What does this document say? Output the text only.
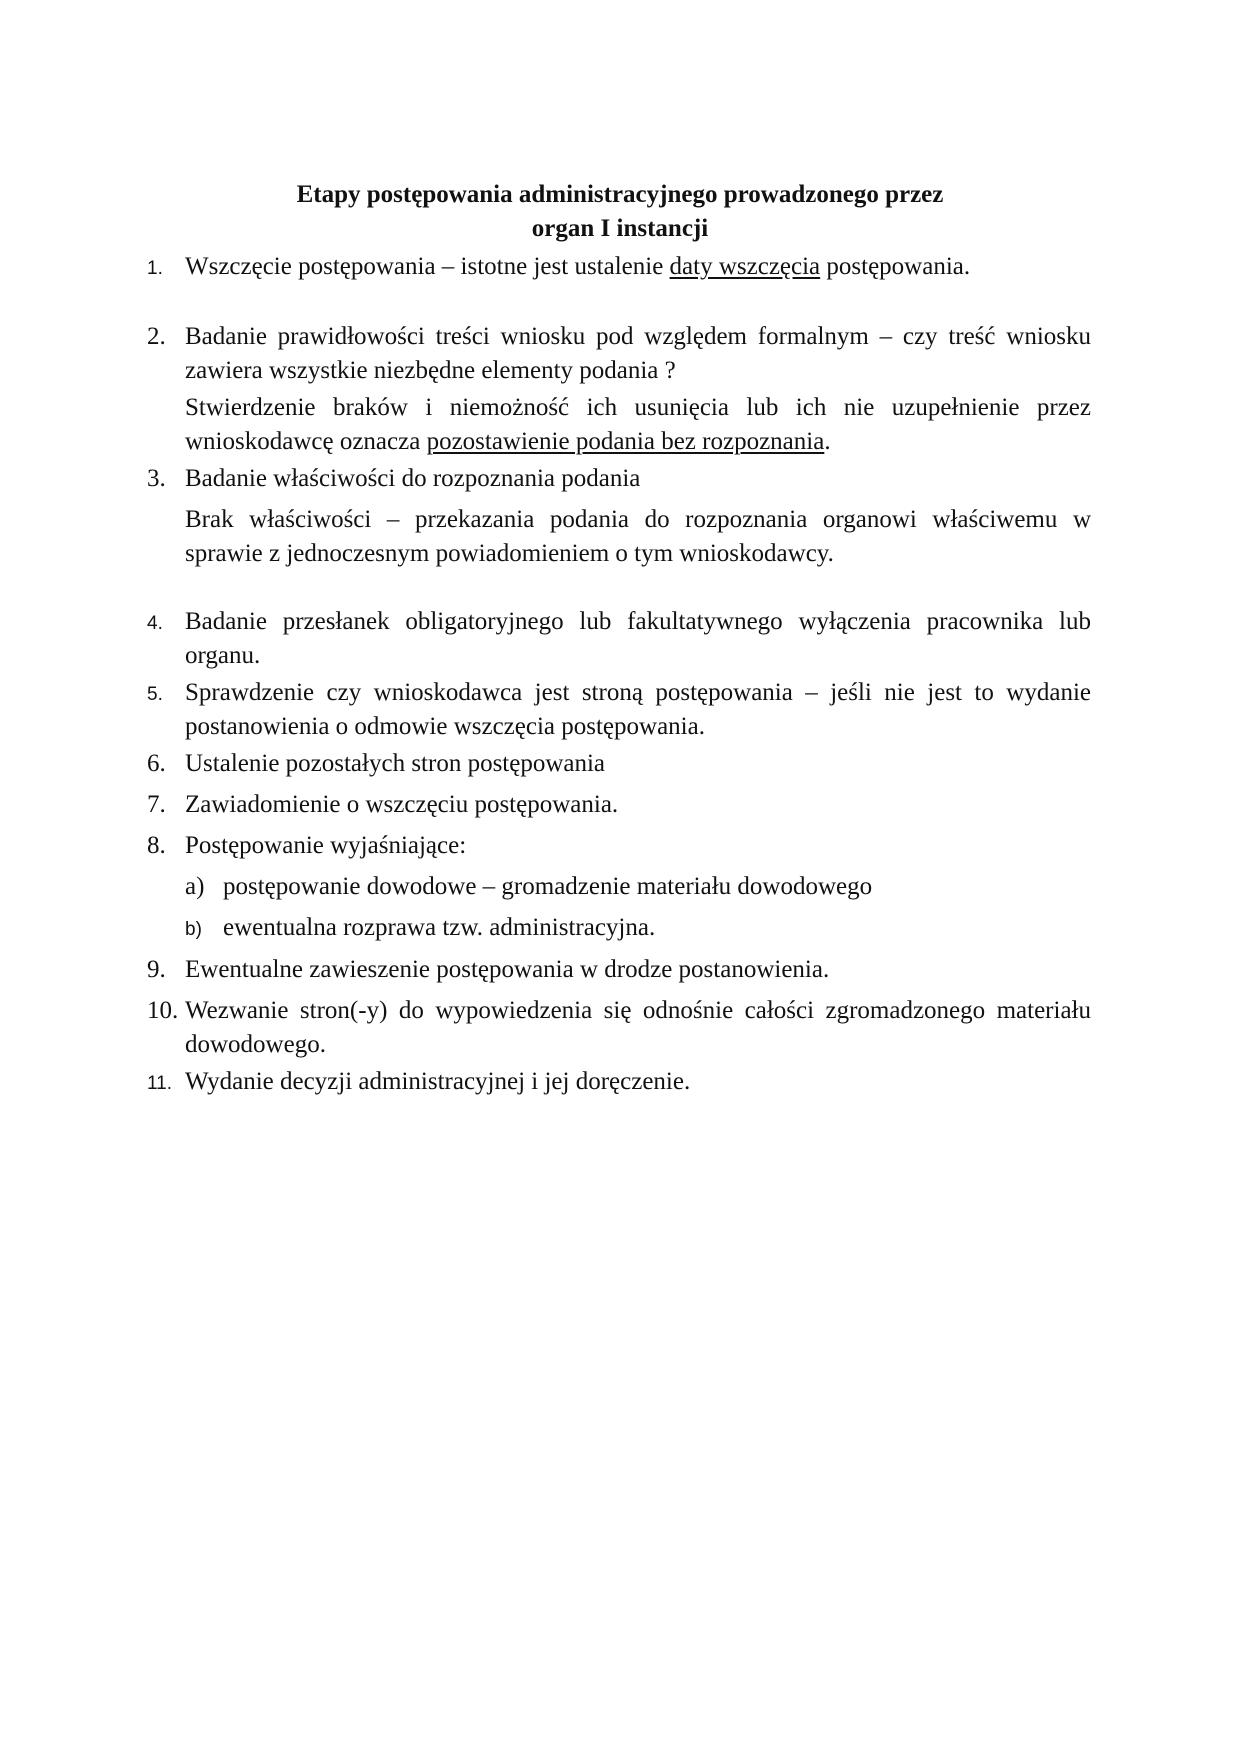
Etapy postępowania administracyjnego prowadzonego przez
organ I instancji
1. Wszczęcie postępowania – istotne jest ustalenie daty wszczęcia postępowania.
2. Badanie prawidłowości treści wniosku pod względem formalnym – czy treść wniosku zawiera wszystkie niezbędne elementy podania ?
Stwierdzenie braków i niemożność ich usunięcia lub ich nie uzupełnienie przez wnioskodawcę oznacza pozostawienie podania bez rozpoznania.
3. Badanie właściwości do rozpoznania podania
Brak właściwości – przekazania podania do rozpoznania organowi właściwemu w sprawie z jednoczesnym powiadomieniem o tym wnioskodawcy.
4. Badanie przesłanek obligatoryjnego lub fakultatywnego wyłączenia pracownika lub organu.
5. Sprawdzenie czy wnioskodawca jest stroną postępowania – jeśli nie jest to wydanie postanowienia o odmowie wszczęcia postępowania.
6. Ustalenie pozostałych stron postępowania
7. Zawiadomienie o wszczęciu postępowania.
8. Postępowanie wyjaśniające:
a) postępowanie dowodowe – gromadzenie materiału dowodowego
b) ewentualna rozprawa tzw. administracyjna.
9. Ewentualne zawieszenie postępowania w drodze postanowienia.
10. Wezwanie stron(-y) do wypowiedzenia się odnośnie całości zgromadzonego materiału dowodowego.
11. Wydanie decyzji administracyjnej i jej doręczenie.
